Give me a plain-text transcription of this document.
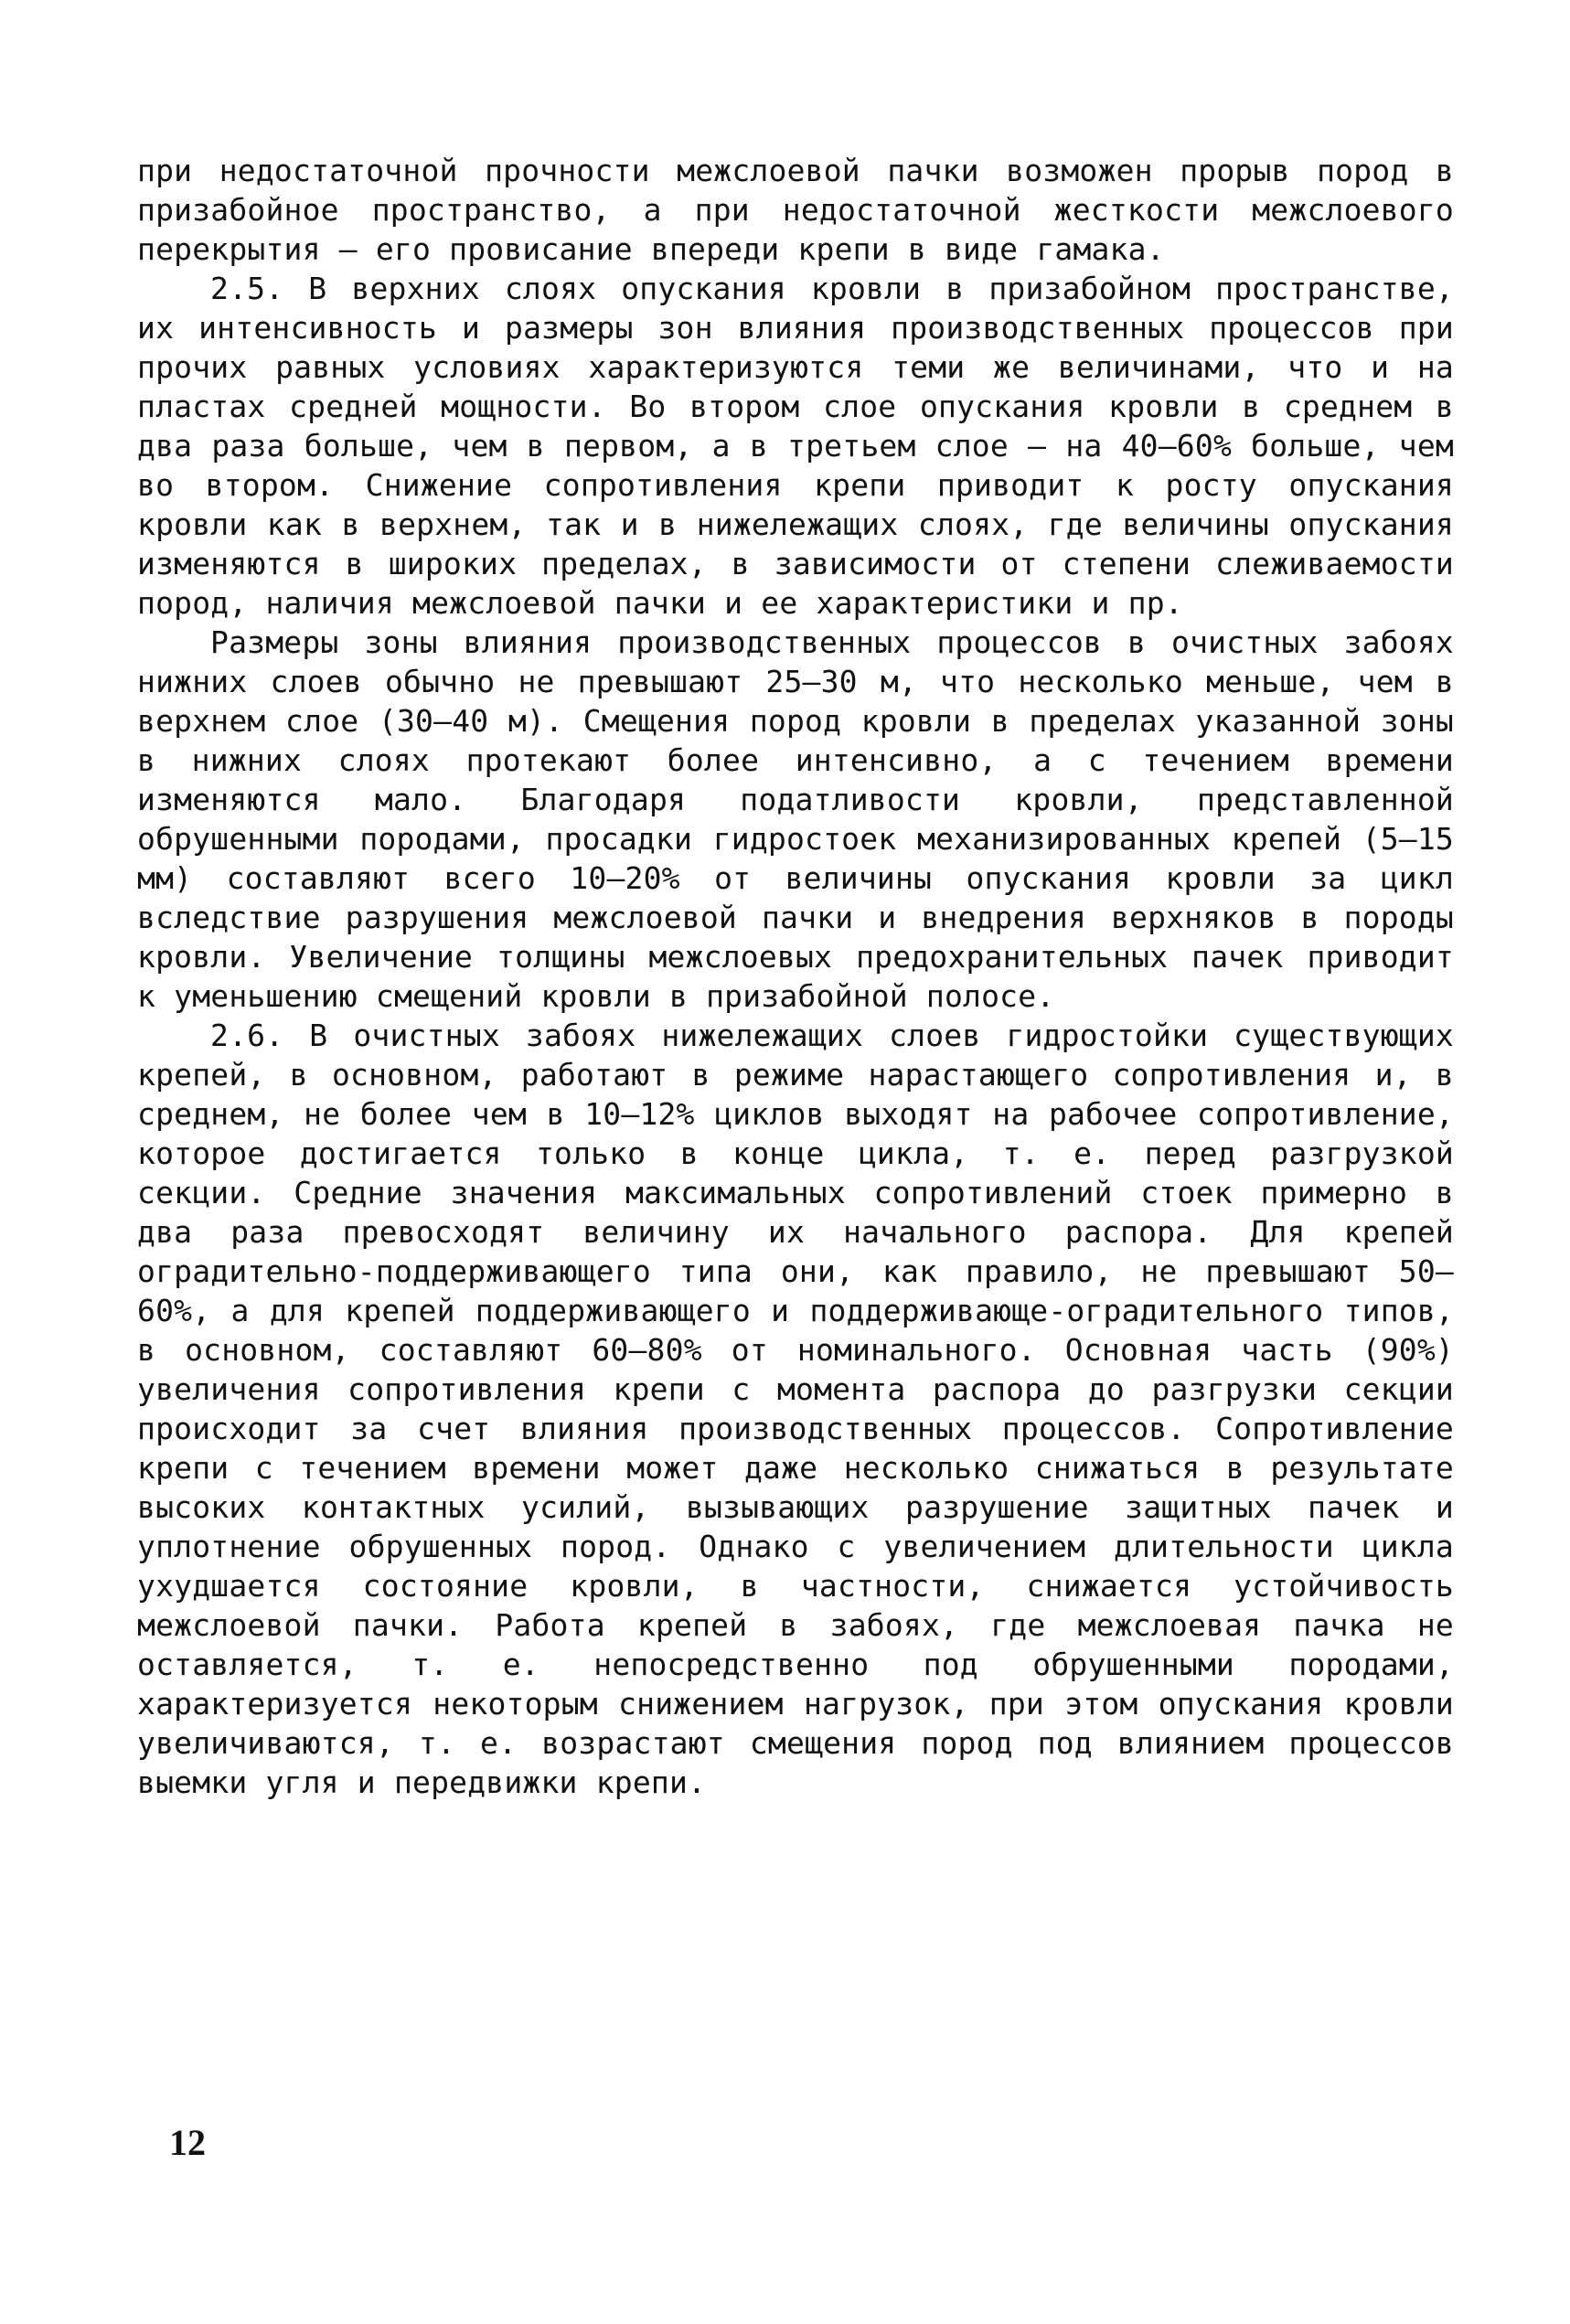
при недостаточной прочности межслоевой пачки возможен прорыв пород в призабойное пространство, а при недостаточной жесткости межслоевого перекрытия – его провисание впереди крепи в виде гамака.

2.5. В верхних слоях опускания кровли в призабойном пространстве, их интенсивность и размеры зон влияния производственных процессов при прочих равных условиях характеризуются теми же величинами, что и на пластах средней мощности. Во втором слое опускания кровли в среднем в два раза больше, чем в первом, а в третьем слое – на 40–60% больше, чем во втором. Снижение сопротивления крепи приводит к росту опускания кровли как в верхнем, так и в нижележащих слоях, где величины опускания изменяются в широких пределах, в зависимости от степени слеживаемости пород, наличия межслоевой пачки и ее характеристики и пр.

Размеры зоны влияния производственных процессов в очистных забоях нижних слоев обычно не превышают 25–30 м, что несколько меньше, чем в верхнем слое (30–40 м). Смещения пород кровли в пределах указанной зоны в нижних слоях протекают более интенсивно, а с течением времени изменяются мало. Благодаря податливости кровли, представленной обрушенными породами, просадки гидростоек механизированных крепей (5–15 мм) составляют всего 10–20% от величины опускания кровли за цикл вследствие разрушения межслоевой пачки и внедрения верхняков в породы кровли. Увеличение толщины межслоевых предохранительных пачек приводит к уменьшению смещений кровли в призабойной полосе.

2.6. В очистных забоях нижележащих слоев гидростойки существующих крепей, в основном, работают в режиме нарастающего сопротивления и, в среднем, не более чем в 10–12% циклов выходят на рабочее сопротивление, которое достигается только в конце цикла, т. е. перед разгрузкой секции. Средние значения максимальных сопротивлений стоек примерно в два раза превосходят величину их начального распора. Для крепей оградительно-поддерживающего типа они, как правило, не превышают 50–60%, а для крепей поддерживающего и поддерживающе-оградительного типов, в основном, составляют 60–80% от номинального. Основная часть (90%) увеличения сопротивления крепи с момента распора до разгрузки секции происходит за счет влияния производственных процессов. Сопротивление крепи с течением времени может даже несколько снижаться в результате высоких контактных усилий, вызывающих разрушение защитных пачек и уплотнение обрушенных пород. Однако с увеличением длительности цикла ухудшается состояние кровли, в частности, снижается устойчивость межслоевой пачки. Работа крепей в забоях, где межслоевая пачка не оставляется, т. е. непосредственно под обрушенными породами, характеризуется некоторым снижением нагрузок, при этом опускания кровли увеличиваются, т. е. возрастают смещения пород под влиянием процессов выемки угля и передвижки крепи.

12
